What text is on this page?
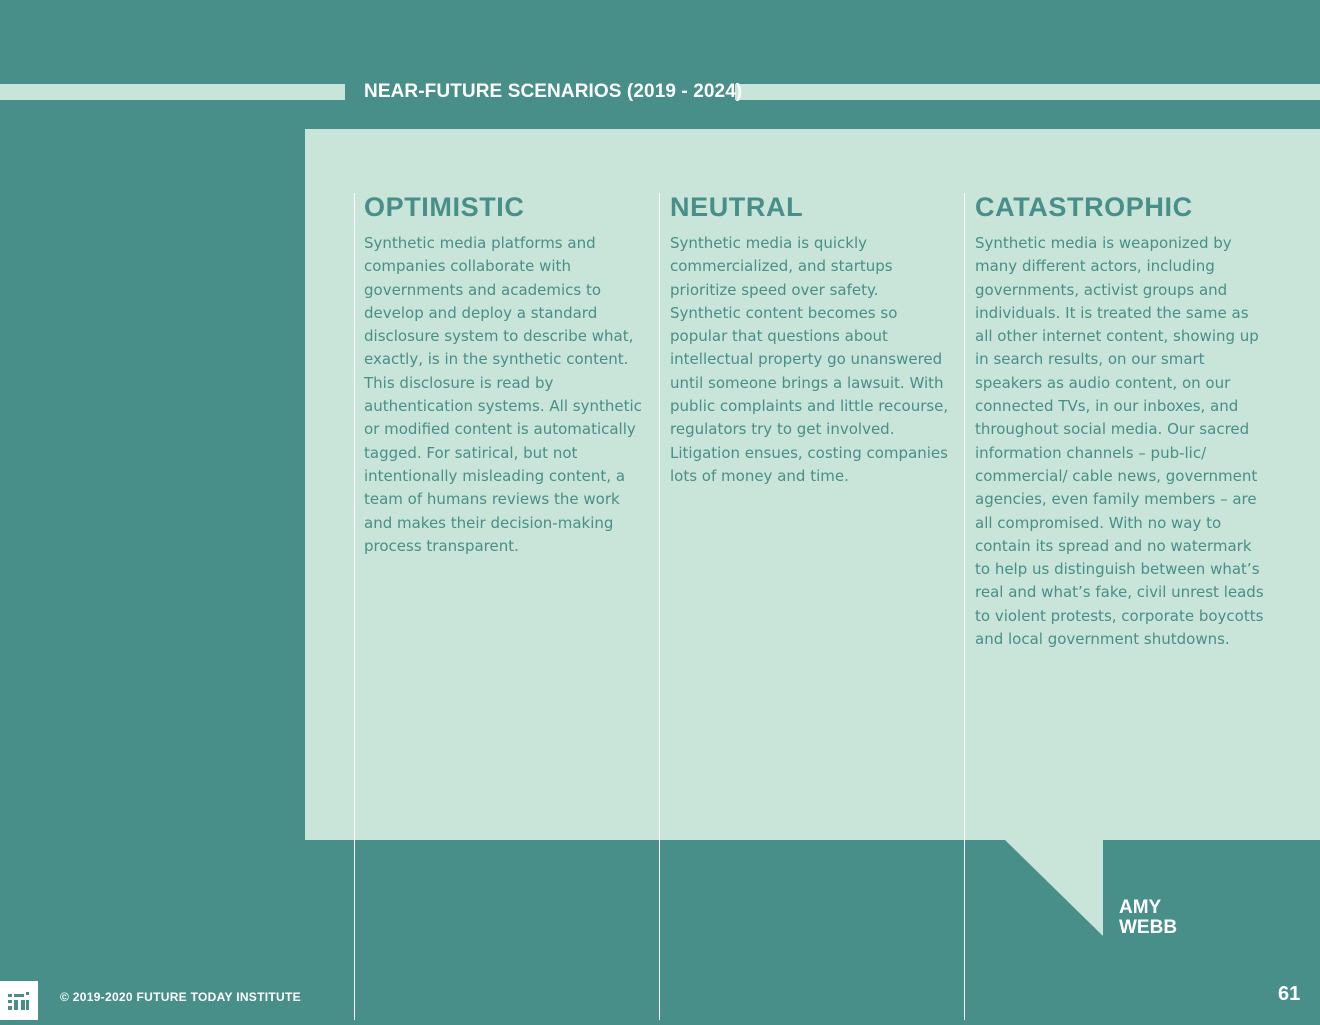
NEAR-FUTURE SCENARIOS (2019 - 2024)
OPTIMISTIC

Synthetic media platforms and companies collaborate with governments and academics to develop and deploy a standard disclosure system to describe what, exactly, is in the synthetic content. This disclosure is read by authentication systems. All synthetic or modified content is automatically tagged. For satirical, but not intentionally misleading content, a team of humans reviews the work and makes their decision-making process transparent.

NEUTRAL

Synthetic media is quickly commercialized, and startups prioritize speed over safety. Synthetic content becomes so popular that questions about intellectual property go unanswered until someone brings a lawsuit. With public complaints and little recourse, regulators try to get involved. Litigation ensues, costing companies lots of money and time.

CATASTROPHIC

Synthetic media is weaponized by many different actors, including governments, activist groups and individuals. It is treated the same as all other internet content, showing up in search results, on our smart speakers as audio content, on our connected TVs, in our inboxes, and throughout social media. Our sacred information channels – pub-lic/ commercial/ cable news, government agencies, even family members – are all compromised. With no way to contain its spread and no watermark to help us distinguish between what’s real and what’s fake, civil unrest leads to violent protests, corporate boycotts and local government shutdowns.

AMY
WEBB
© 2019-2020 FUTURE TODAY INSTITUTE	61
